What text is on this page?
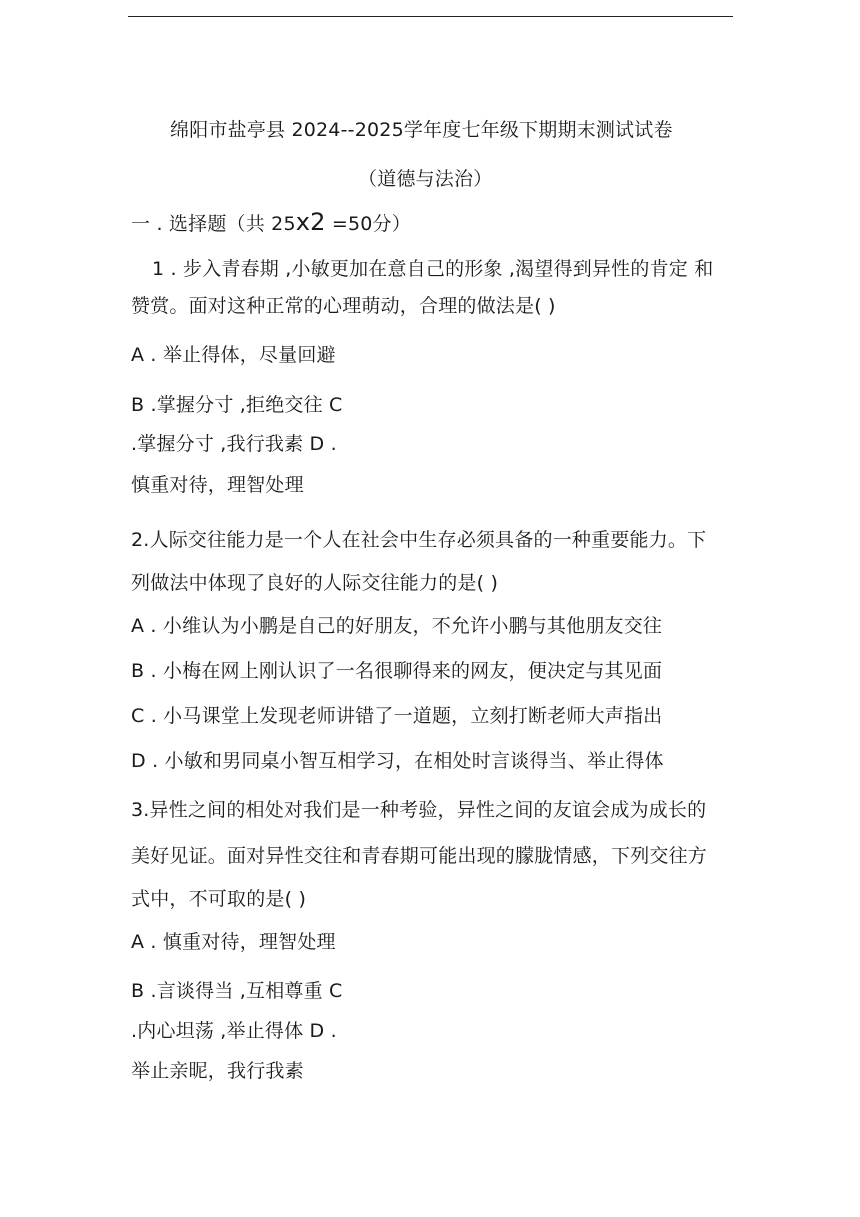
绵阳市盐亭县 2024--2025学年度七年级下期期末测试试卷
（道德与法治）
一 . 选择题（共 25x2 =50分）
1 . 步入青春期 ,小敏更加在意自己的形象 ,渴望得到异性的肯定 和
赞赏。面对这种正常的心理萌动，合理的做法是( )
A . 举止得体，尽量回避
B .掌握分寸 ,拒绝交往 C
.掌握分寸 ,我行我素 D .
慎重对待，理智处理
2.人际交往能力是一个人在社会中生存必须具备的一种重要能力。下
列做法中体现了良好的人际交往能力的是( )
A . 小维认为小鹏是自己的好朋友，不允许小鹏与其他朋友交往
B . 小梅在网上刚认识了一名很聊得来的网友，便决定与其见面
C . 小马课堂上发现老师讲错了一道题，立刻打断老师大声指出
D . 小敏和男同桌小智互相学习，在相处时言谈得当、举止得体
3.异性之间的相处对我们是一种考验，异性之间的友谊会成为成长的
美好见证。面对异性交往和青春期可能出现的朦胧情感，下列交往方
式中，不可取的是( )
A . 慎重对待，理智处理
B .言谈得当 ,互相尊重 C
.内心坦荡 ,举止得体 D .
举止亲昵，我行我素
